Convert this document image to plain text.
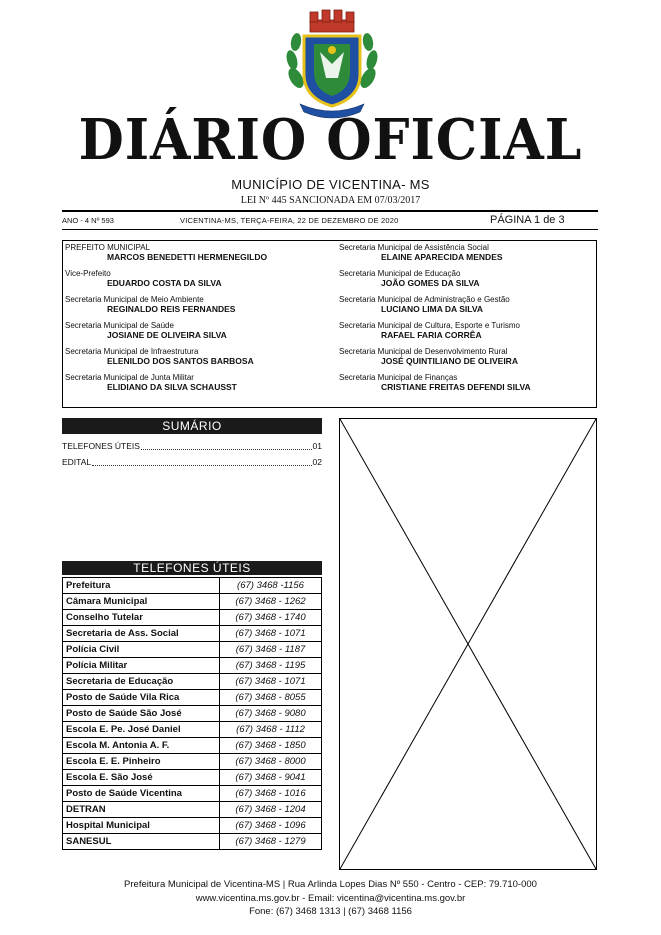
DIÁRIO OFICIAL
MUNICÍPIO DE VICENTINA- MS
LEI Nº 445 SANCIONADA EM 07/03/2017
ANO - 4 Nº 593	VICENTINA-MS, TERÇA-FEIRA, 22 DE DEZEMBRO DE 2020	PÁGINA 1 de 3
PREFEITO MUNICIPAL
MARCOS BENEDETTI HERMENEGILDO
Vice-Prefeito
EDUARDO COSTA DA SILVA
Secretaria Municipal de Meio Ambiente
REGINALDO REIS FERNANDES
Secretaria Municipal de Saúde
JOSIANE DE OLIVEIRA SILVA
Secretaria Municipal de Infraestrutura
ELENILDO DOS SANTOS BARBOSA
Secretaria Municipal de Junta Militar
ELIDIANO DA SILVA SCHAUSST
Secretaria Municipal de Assistência Social
ELAINE APARECIDA MENDES
Secretaria Municipal de Educação
JOÃO GOMES DA SILVA
Secretaria Municipal de Administração e Gestão
LUCIANO LIMA DA SILVA
Secretaria Municipal de Cultura, Esporte e Turismo
RAFAEL FARIA CORRÊA
Secretaria Municipal de Desenvolvimento Rural
JOSÉ QUINTILIANO DE OLIVEIRA
Secretaria Municipal de Finanças
CRISTIANE FREITAS DEFENDI SILVA
SUMÁRIO
TELEFONES ÚTEIS	01
EDITAL	02
TELEFONES ÚTEIS
Prefeitura	(67) 3468 -1156
Câmara Municipal	(67) 3468 - 1262
Conselho Tutelar	(67) 3468 - 1740
Secretaria de Ass. Social	(67) 3468 - 1071
Polícia Civil	(67) 3468 - 1187
Polícia Militar	(67) 3468 - 1195
Secretaria de Educação	(67) 3468 - 1071
Posto de Saúde Vila Rica	(67) 3468 - 8055
Posto de Saúde São José	(67) 3468 - 9080
Escola E. Pe. José Daniel	(67) 3468 - 1112
Escola M. Antonia A. F.	(67) 3468 - 1850
Escola E. E. Pinheiro	(67) 3468 - 8000
Escola E. São José	(67) 3468 - 9041
Posto de Saúde Vicentina	(67) 3468 - 1016
DETRAN	(67) 3468 - 1204
Hospital Municipal	(67) 3468 - 1096
SANESUL	(67) 3468 - 1279
Prefeitura Municipal de Vicentina-MS | Rua Arlinda Lopes Dias Nº 550 - Centro - CEP: 79.710-000
www.vicentina.ms.gov.br - Email: vicentina@vicentina.ms.gov.br
Fone: (67) 3468 1313 | (67) 3468 1156
